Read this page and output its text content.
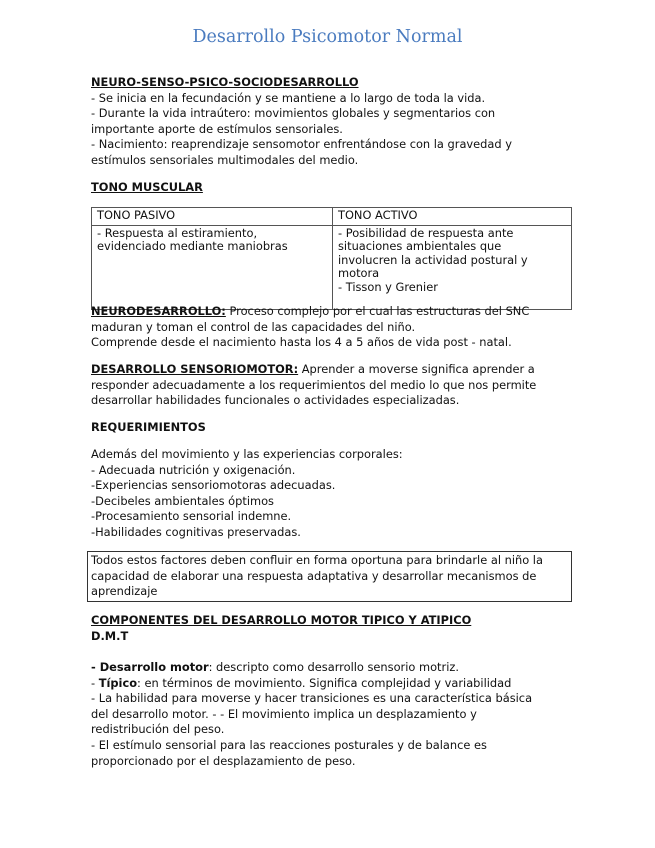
Desarrollo Psicomotor Normal
NEURO-SENSO-PSICO-SOCIODESARROLLO
- Se inicia en la fecundación y se mantiene a lo largo de toda la vida.
- Durante la vida intraútero: movimientos globales y segmentarios con
importante aporte de estímulos sensoriales.
- Nacimiento: reaprendizaje sensomotor enfrentándose con la gravedad y
estímulos sensoriales multimodales del medio.
TONO MUSCULAR
TONO PASIVO	TONO ACTIVO

- Respuesta al estiramiento,
evidenciado mediante maniobras	- Posibilidad de respuesta ante
situaciones ambientales que
involucren la actividad postural y
motora
- Tisson y Grenier
NEURODESARROLLO: Proceso complejo por el cual las estructuras del SNC
maduran y toman el control de las capacidades del niño.
Comprende desde el nacimiento hasta los 4 a 5 años de vida post - natal.
DESARROLLO SENSORIOMOTOR: Aprender a moverse significa aprender a
responder adecuadamente a los requerimientos del medio lo que nos permite
desarrollar habilidades funcionales o actividades especializadas.
REQUERIMIENTOS
Además del movimiento y las experiencias corporales:
- Adecuada nutrición y oxigenación.
-Experiencias sensoriomotoras adecuadas.
-Decibeles ambientales óptimos
-Procesamiento sensorial indemne.
-Habilidades cognitivas preservadas.
Todos estos factores deben confluir en forma oportuna para brindarle al niño la
capacidad de elaborar una respuesta adaptativa y desarrollar mecanismos de
aprendizaje
COMPONENTES DEL DESARROLLO MOTOR TIPICO Y ATIPICO
D.M.T
- Desarrollo motor: descripto como desarrollo sensorio motriz.
- Típico: en términos de movimiento. Significa complejidad y variabilidad
- La habilidad para moverse y hacer transiciones es una característica básica
del desarrollo motor. - - El movimiento implica un desplazamiento y
redistribución del peso.
- El estímulo sensorial para las reacciones posturales y de balance es
proporcionado por el desplazamiento de peso.
